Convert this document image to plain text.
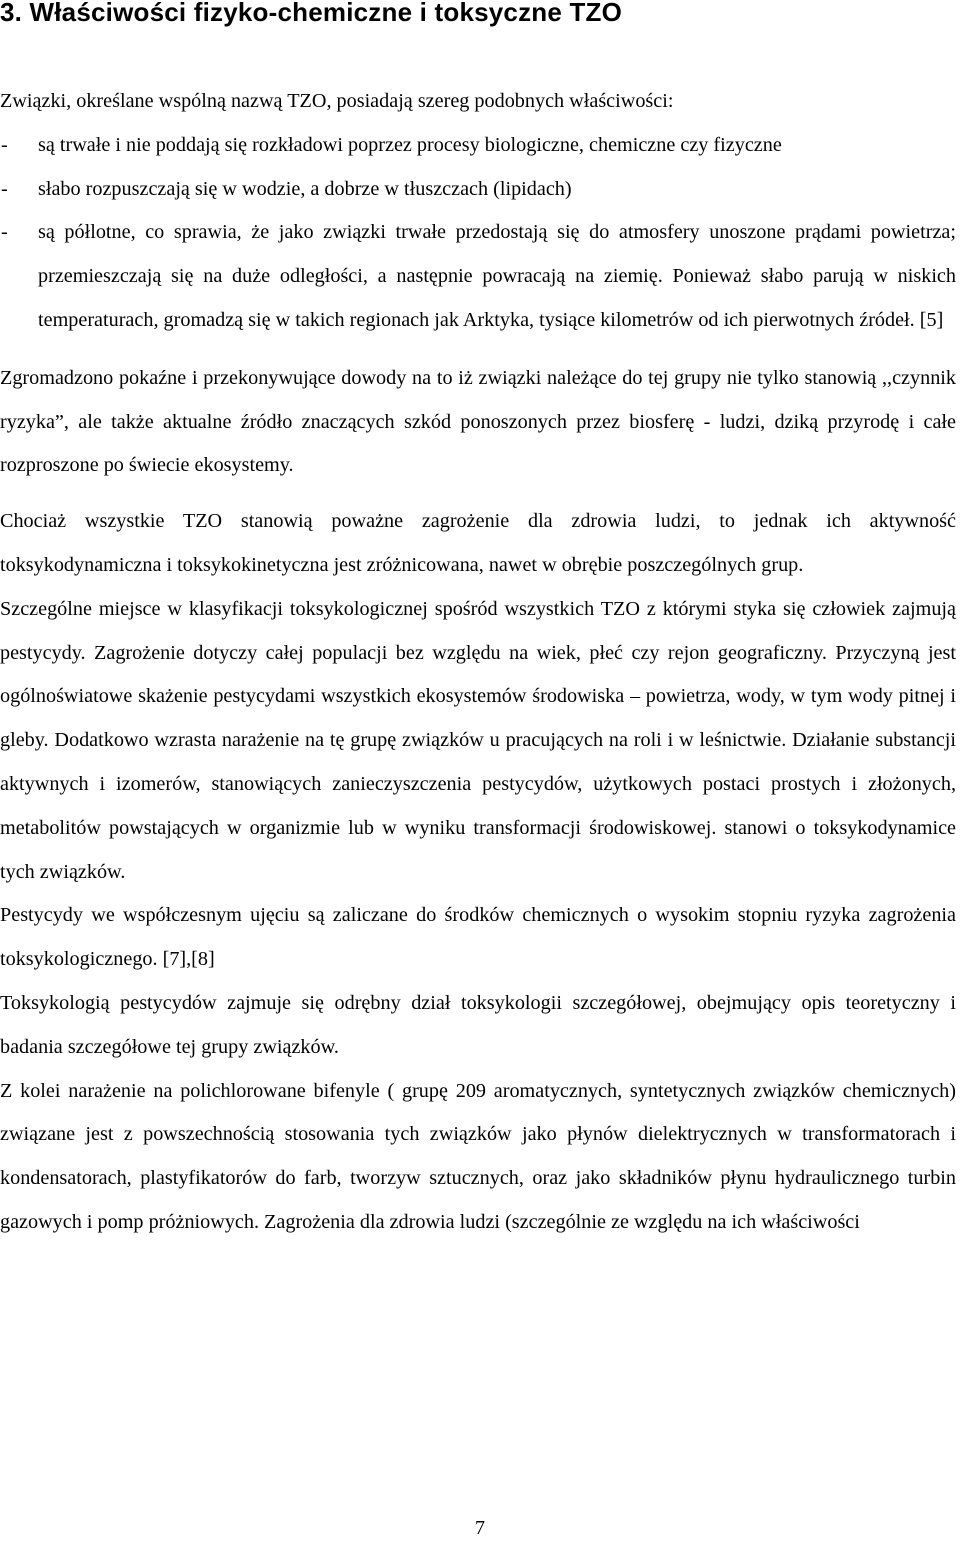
3. Właściwości fizyko-chemiczne i toksyczne TZO

Związki, określane wspólną nazwą TZO, posiadają szereg podobnych właściwości:

- są trwałe i nie poddają się rozkładowi poprzez procesy biologiczne, chemiczne czy fizyczne
- słabo rozpuszczają się w wodzie, a dobrze w tłuszczach (lipidach)
- są półlotne, co sprawia, że jako związki trwałe przedostają się do atmosfery unoszone prądami powietrza; przemieszczają się na duże odległości, a następnie powracają na ziemię. Ponieważ słabo parują w niskich temperaturach, gromadzą się w takich regionach jak Arktyka, tysiące kilometrów od ich pierwotnych źródeł. [5]

Zgromadzono pokaźne i przekonywujące dowody na to iż związki należące do tej grupy nie tylko stanowią ,,czynnik ryzyka”, ale także aktualne źródło znaczących szkód ponoszonych przez biosferę - ludzi, dziką przyrodę i całe rozproszone po świecie ekosystemy.

Chociaż wszystkie TZO stanowią poważne zagrożenie dla zdrowia ludzi, to jednak ich aktywność toksykodynamiczna i toksykokinetyczna jest zróżnicowana, nawet w obrębie poszczególnych grup.

Szczególne miejsce w klasyfikacji toksykologicznej spośród wszystkich TZO z którymi styka się człowiek zajmują pestycydy. Zagrożenie dotyczy całej populacji bez względu na wiek, płeć czy rejon geograficzny. Przyczyną jest ogólnoświatowe skażenie pestycydami wszystkich ekosystemów środowiska – powietrza, wody, w tym wody pitnej i gleby. Dodatkowo wzrasta narażenie na tę grupę związków u pracujących na roli i w leśnictwie. Działanie substancji aktywnych i izomerów, stanowiących zanieczyszczenia pestycydów, użytkowych postaci prostych i złożonych, metabolitów powstających w organizmie lub w wyniku transformacji środowiskowej. stanowi o toksykodynamice tych związków.

Pestycydy we współczesnym ujęciu są zaliczane do środków chemicznych o wysokim stopniu ryzyka zagrożenia toksykologicznego. [7],[8]

Toksykologią pestycydów zajmuje się odrębny dział toksykologii szczegółowej, obejmujący opis teoretyczny i badania szczegółowe tej grupy związków.

Z kolei narażenie na polichlorowane bifenyle ( grupę 209 aromatycznych, syntetycznych związków chemicznych) związane jest z powszechnością stosowania tych związków jako płynów dielektrycznych w transformatorach i kondensatorach, plastyfikatorów do farb, tworzyw sztucznych, oraz jako składników płynu hydraulicznego turbin gazowych i pomp próżniowych. Zagrożenia dla zdrowia ludzi (szczególnie ze względu na ich właściwości

7
